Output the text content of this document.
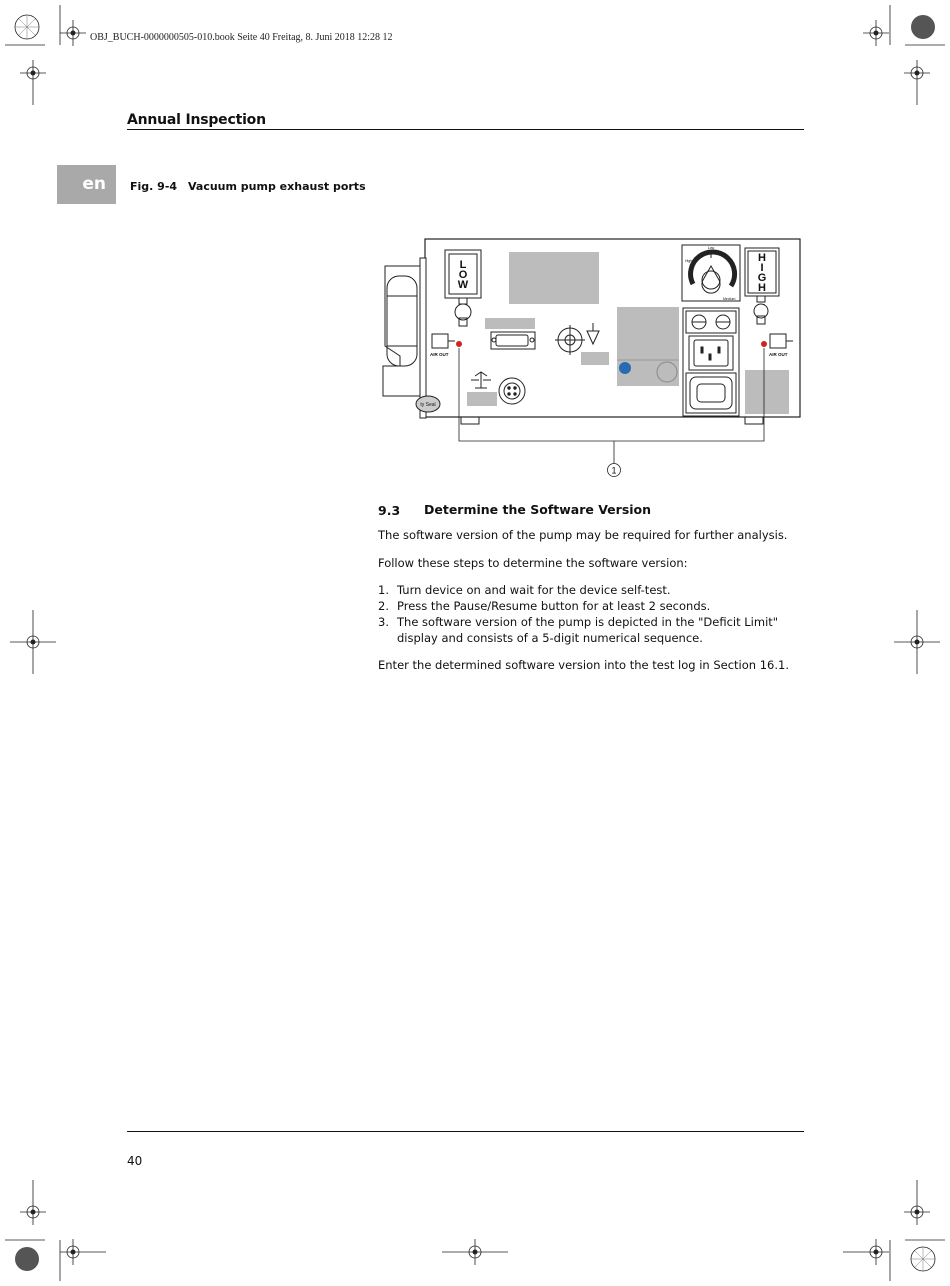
OBJ_BUCH-0000000505-010.book Seite 40 Freitag, 8. Juni 2018 12:28 12
Annual Inspection
en	Fig. 9-4 Vacuum pump exhaust ports
L
O
W
H
I
G
H
AIR OUT	AIR OUT
Low
High
Medium
ty Seal
1
9.3 Determine the Software Version
The software version of the pump may be required for further analysis.
Follow these steps to determine the software version:
1. Turn device on and wait for the device self-test.
2. Press the Pause/Resume button for at least 2 seconds.
3. The software version of the pump is depicted in the "Deficit Limit" display and consists of a 5-digit numerical sequence.
Enter the determined software version into the test log in Section 16.1.
40
